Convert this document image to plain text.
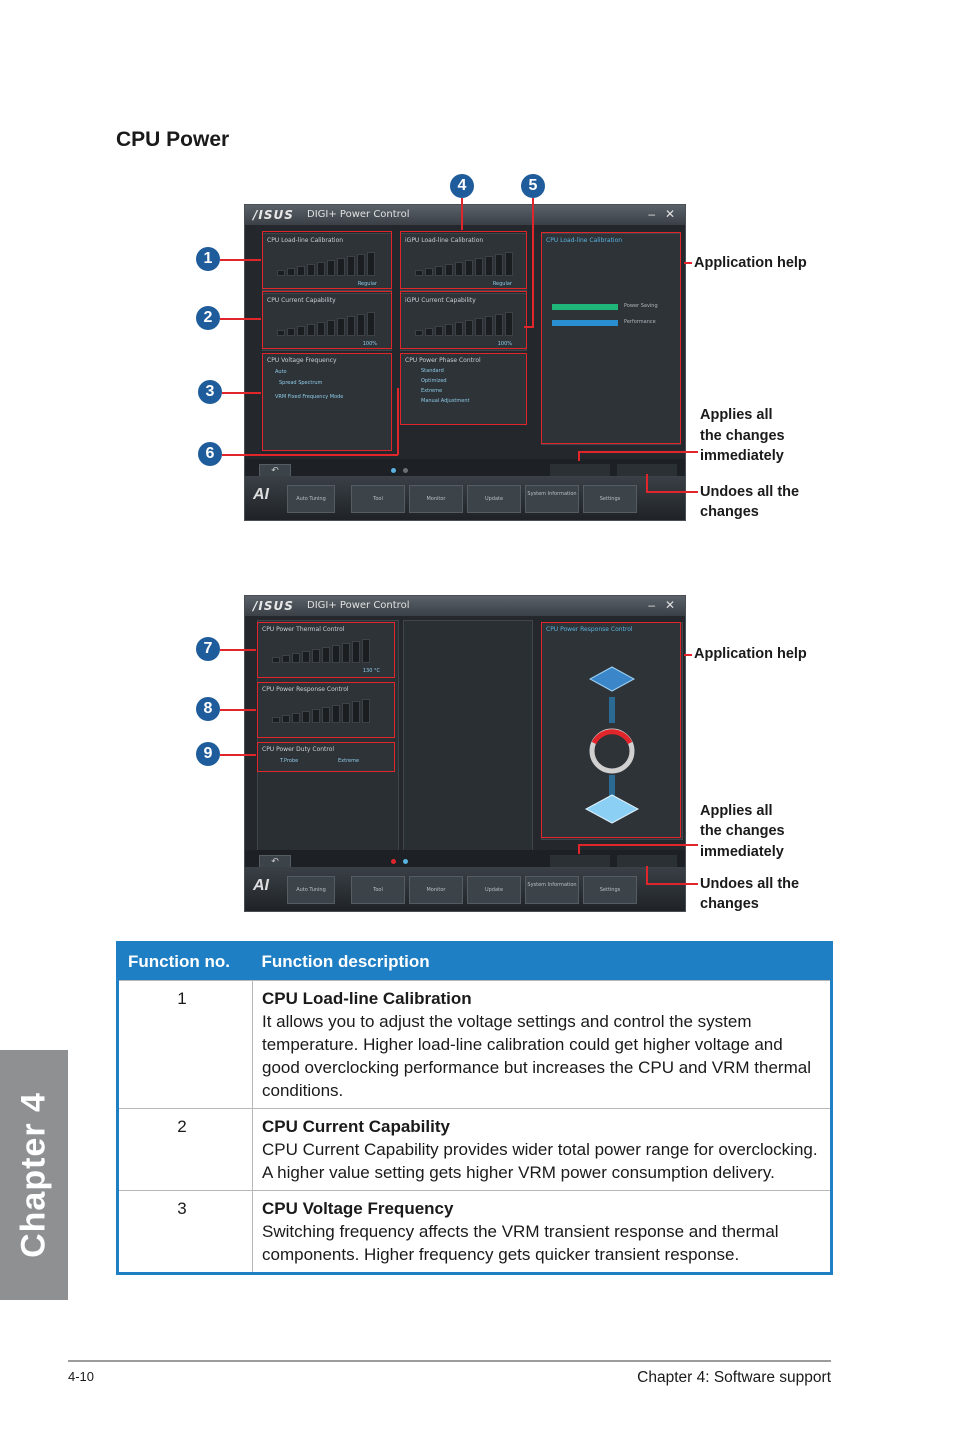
Chapter 4
CPU Power
/ISUS DIGI+ Power Control	– ✕
CPU Load-line Calibration
Regular
iGPU Load-line Calibration
Regular
CPU Current Capability
100%
iGPU Current Capability
100%
CPU Voltage Frequency
Auto
Spread Spectrum
VRM Fixed Frequency Mode
CPU Power Phase Control
Standard
Optimized
Extreme
Manual Adjustment
CPU Load-line Calibration
Power Saving
Performance
↶
AI	Auto Tuning	Tool	Monitor	Update
System Information
Settings
/ISUS DIGI+ Power Control	– ✕
CPU Power Thermal Control
130 °C
CPU Power Response Control
CPU Power Duty Control
T.Probe	Extreme
CPU Power Response Control
↶
AI	Auto Tuning	Tool	Monitor	Update
System Information
Settings
4	5
1
2
3
6
Application help
Applies all
the changes
immediately
Undoes all the
changes
7
8
9
Application help
Applies all
the changes
immediately
Undoes all the
changes
Function no.	Function description
1	CPU Load-line Calibration
It allows you to adjust the voltage settings and control the system temperature. Higher load-line calibration could get higher voltage and good overclocking performance but increases the CPU and VRM thermal conditions.
2	CPU Current Capability
CPU Current Capability provides wider total power range for overclocking. A higher value setting gets higher VRM power consumption delivery.
3	CPU Voltage Frequency
Switching frequency affects the VRM transient response and thermal components. Higher frequency gets quicker transient response.
4-10	Chapter 4: Software support
